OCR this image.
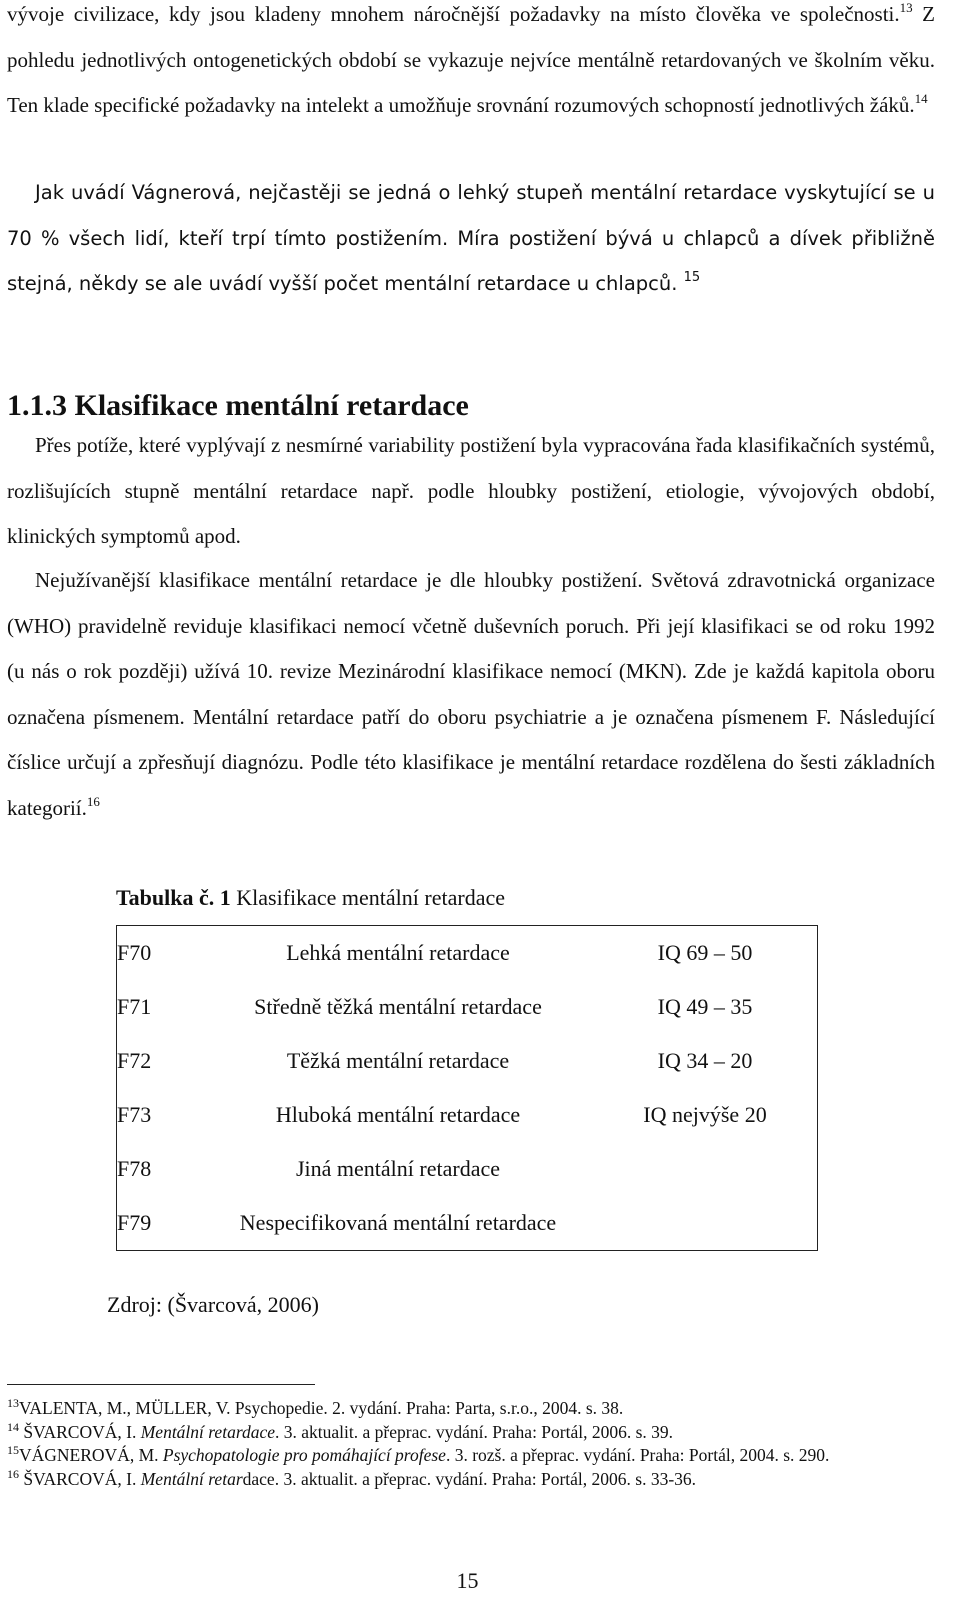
vývoje civilizace, kdy jsou kladeny mnohem náročnější požadavky na místo člověka ve společnosti.$^{13}$ Z pohledu jednotlivých ontogenetických období se vykazuje nejvíce mentálně retardovaných ve školním věku. Ten klade specifické požadavky na intelekt a umožňuje srovnání rozumových schopností jednotlivých žáků.$^{14}$

Jak uvádí Vágnerová, nejčastěji se jedná o lehký stupeň mentální retardace vyskytující se u 70 % všech lidí, kteří trpí tímto postižením. Míra postižení bývá u chlapců a dívek přibližně stejná, někdy se ale uvádí vyšší počet mentální retardace u chlapců. $^{15}$

1.1.3 Klasifikace mentální retardace

Přes potíže, které vyplývají z nesmírné variability postižení byla vypracována řada klasifikačních systémů, rozlišujících stupně mentální retardace např. podle hloubky postižení, etiologie, vývojových období, klinických symptomů apod.

Nejužívanější klasifikace mentální retardace je dle hloubky postižení. Světová zdravotnická organizace (WHO) pravidelně reviduje klasifikaci nemocí včetně duševních poruch. Při její klasifikaci se od roku 1992 (u nás o rok později) užívá 10. revize Mezinárodní klasifikace nemocí (MKN). Zde je každá kapitola oboru označena písmenem. Mentální retardace patří do oboru psychiatrie a je označena písmenem F. Následující číslice určují a zpřesňují diagnózu. Podle této klasifikace je mentální retardace rozdělena do šesti základních kategorií.$^{16}$

Tabulka č. 1 Klasifikace mentální retardace

F70	Lehká mentální retardace	IQ 69 – 50
F71	Středně těžká mentální retardace	IQ 49 – 35
F72	Těžká mentální retardace	IQ 34 – 20
F73	Hluboká mentální retardace	IQ nejvýše 20
F78	Jiná mentální retardace	
F79	Nespecifikovaná mentální retardace	

Zdroj: (Švarcová, 2006)

$^{13}$VALENTA, M., MÜLLER, V. Psychopedie. 2. vydání. Praha: Parta, s.r.o., 2004. s. 38.
$^{14}$ ŠVARCOVÁ, I. Mentální retardace. 3. aktualit. a přeprac. vydání. Praha: Portál, 2006. s. 39.
$^{15}$VÁGNEROVÁ, M. Psychopatologie pro pomáhající profese. 3. rozš. a přeprac. vydání. Praha: Portál, 2004. s. 290.
$^{16}$ ŠVARCOVÁ, I. Mentální retardace. 3. aktualit. a přeprac. vydání. Praha: Portál, 2006. s. 33-36.

15
